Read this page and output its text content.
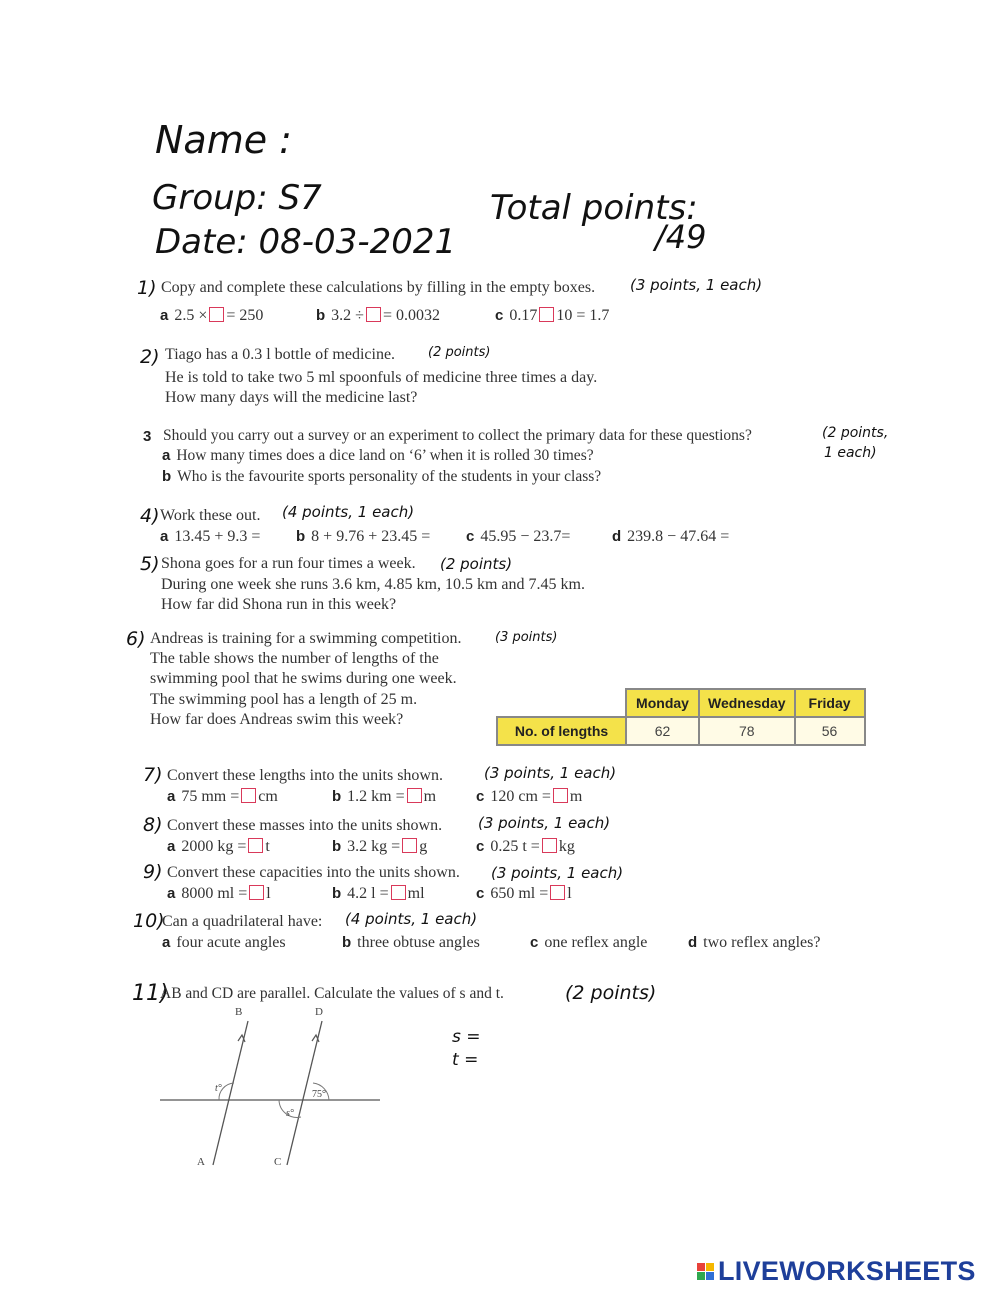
Name :
Group: S7
Date: 08-03-2021
Total points:
/49
1) Copy and complete these calculations by filling in the empty boxes. (3 points, 1 each)
a 2.5 × = 250	b 3.2 ÷ = 0.0032	c 0.17 10 = 1.7
2) Tiago has a 0.3 l bottle of medicine.	(2 points)
He is told to take two 5 ml spoonfuls of medicine three times a day.
How many days will the medicine last?
3 Should you carry out a survey or an experiment to collect the primary data for these questions?	(2 points,
1 each)
a How many times does a dice land on ‘6’ when it is rolled 30 times?
b Who is the favourite sports personality of the students in your class?
4) Work these out. (4 points, 1 each)
a 13.45 + 9.3 = b 8 + 9.76 + 23.45 = c 45.95 − 23.7=	d 239.8 − 47.64 =
5) Shona goes for a run four times a week. (2 points)
During one week she runs 3.6 km, 4.85 km, 10.5 km and 7.45 km.
How far did Shona run in this week?
6) Andreas is training for a swimming competition.	(3 points)
The table shows the number of lengths of the
swimming pool that he swims during one week.
The swimming pool has a length of 25 m.
How far does Andreas swim this week?
	Monday	Wednesday	Friday
No. of lengths	62	78	56
7) Convert these lengths into the units shown.	(3 points, 1 each)
a 75 mm = cm	b 1.2 km = m	c 120 cm = m
8) Convert these masses into the units shown. (3 points, 1 each)
a 2000 kg = t	b 3.2 kg = g	c 0.25 t = kg
9) Convert these capacities into the units shown. (3 points, 1 each)
a 8000 ml = l	b 4.2 l = ml	c 650 ml = l
10)
Can a quadrilateral have: (4 points, 1 each)
a four acute angles	b three obtuse angles	c one reflex angle	d two reflex angles?
11)
AB and CD are parallel. Calculate the values of s and t.	(2 points)
B	D
A	C
t°
75°
s°
s =
t =
LIVEWORKSHEETS
